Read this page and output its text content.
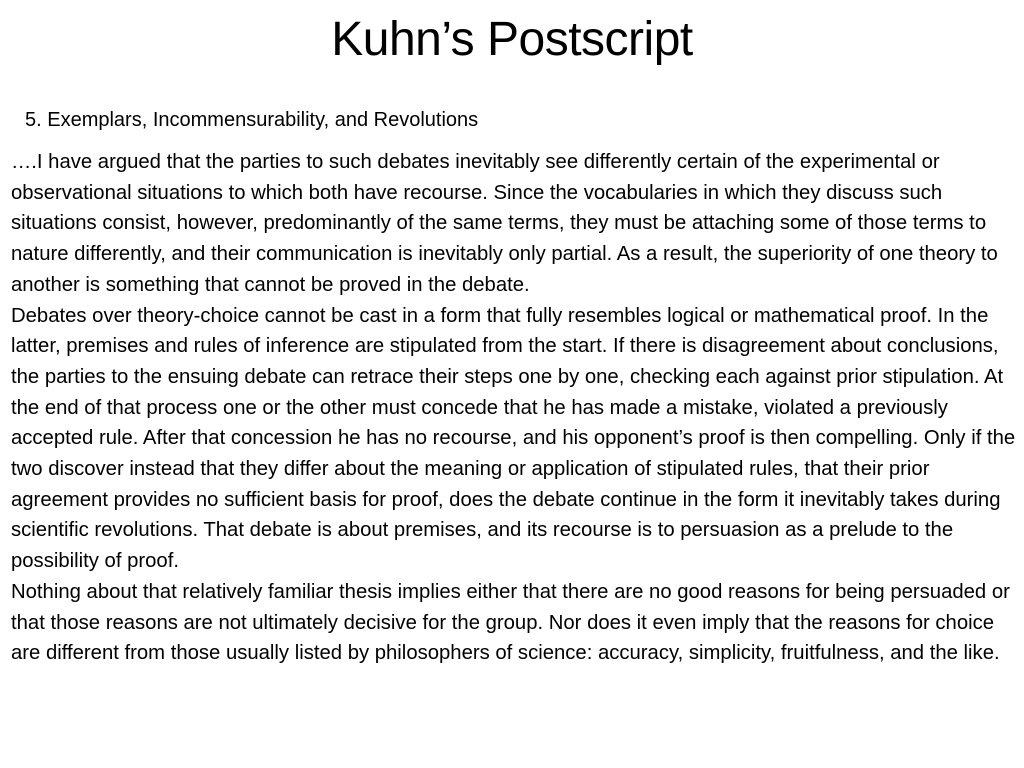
Kuhn’s Postscript
5. Exemplars, Incommensurability, and Revolutions

….I have argued that the parties to such debates inevitably see differently certain of the experimental or observational situations to which both have recourse. Since the vocabularies in which they discuss such situations consist, however, predominantly of the same terms, they must be attaching some of those terms to nature differently, and their communication is inevitably only partial. As a result, the superiority of one theory to another is something that cannot be proved in the debate.

Debates over theory-choice cannot be cast in a form that fully resembles logical or mathematical proof. In the latter, premises and rules of inference are stipulated from the start. If there is disagreement about conclusions, the parties to the ensuing debate can retrace their steps one by one, checking each against prior stipulation. At the end of that process one or the other must concede that he has made a mistake, violated a previously accepted rule. After that concession he has no recourse, and his opponent’s proof is then compelling. Only if the two discover instead that they differ about the meaning or application of stipulated rules, that their prior agreement provides no sufficient basis for proof, does the debate continue in the form it inevitably takes during scientific revolutions. That debate is about premises, and its recourse is to persuasion as a prelude to the possibility of proof.

Nothing about that relatively familiar thesis implies either that there are no good reasons for being persuaded or that those reasons are not ultimately decisive for the group. Nor does it even imply that the reasons for choice are different from those usually listed by philosophers of science: accuracy, simplicity, fruitfulness, and the like.
